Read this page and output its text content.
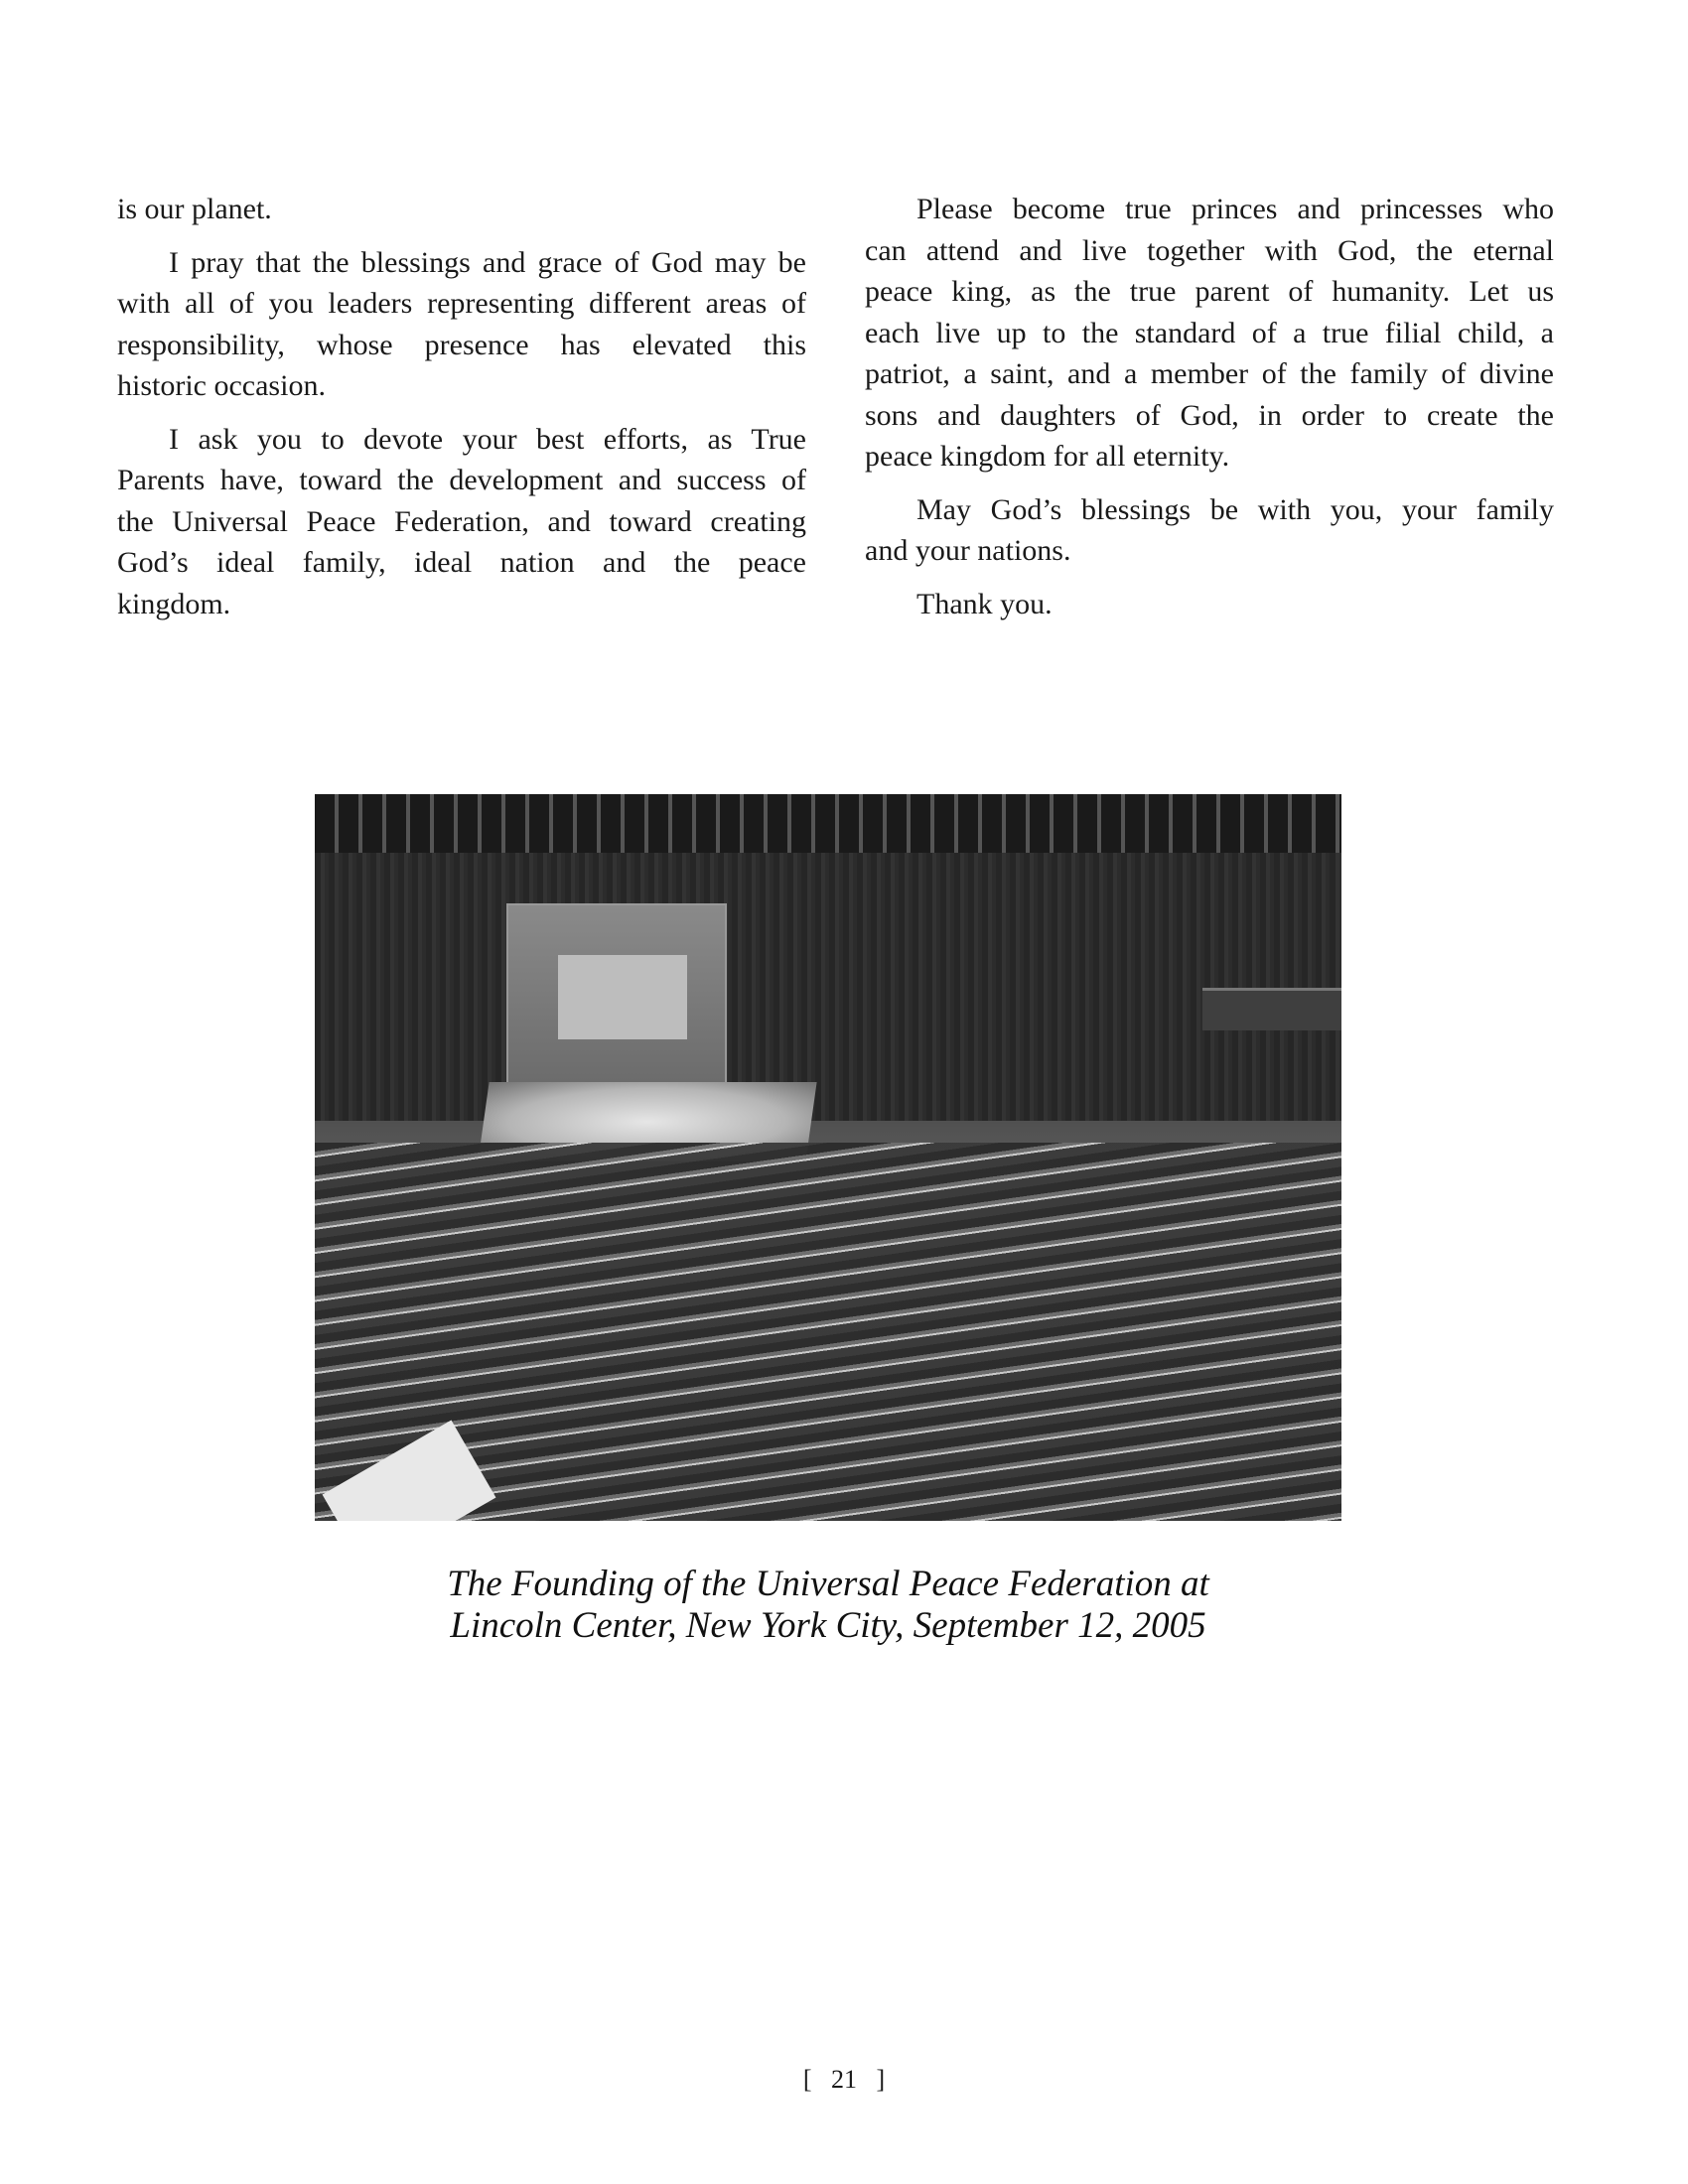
is our planet.

I pray that the blessings and grace of God may be
with all of you leaders representing different areas of
responsibility, whose presence has elevated this
historic occasion.

I ask you to devote your best efforts, as True
Parents have, toward the development and success of
the Universal Peace Federation, and toward creating
God’s ideal family, ideal nation and the peace
kingdom.

Please become true princes and princesses who
can attend and live together with God, the eternal
peace king, as the true parent of humanity. Let us
each live up to the standard of a true filial child, a
patriot, a saint, and a member of the family of divine
sons and daughters of God, in order to create the
peace kingdom for all eternity.

May God’s blessings be with you, your family
and your nations.

Thank you.

The Founding of the Universal Peace Federation at
Lincoln Center, New York City, September 12, 2005
[   21   ]
